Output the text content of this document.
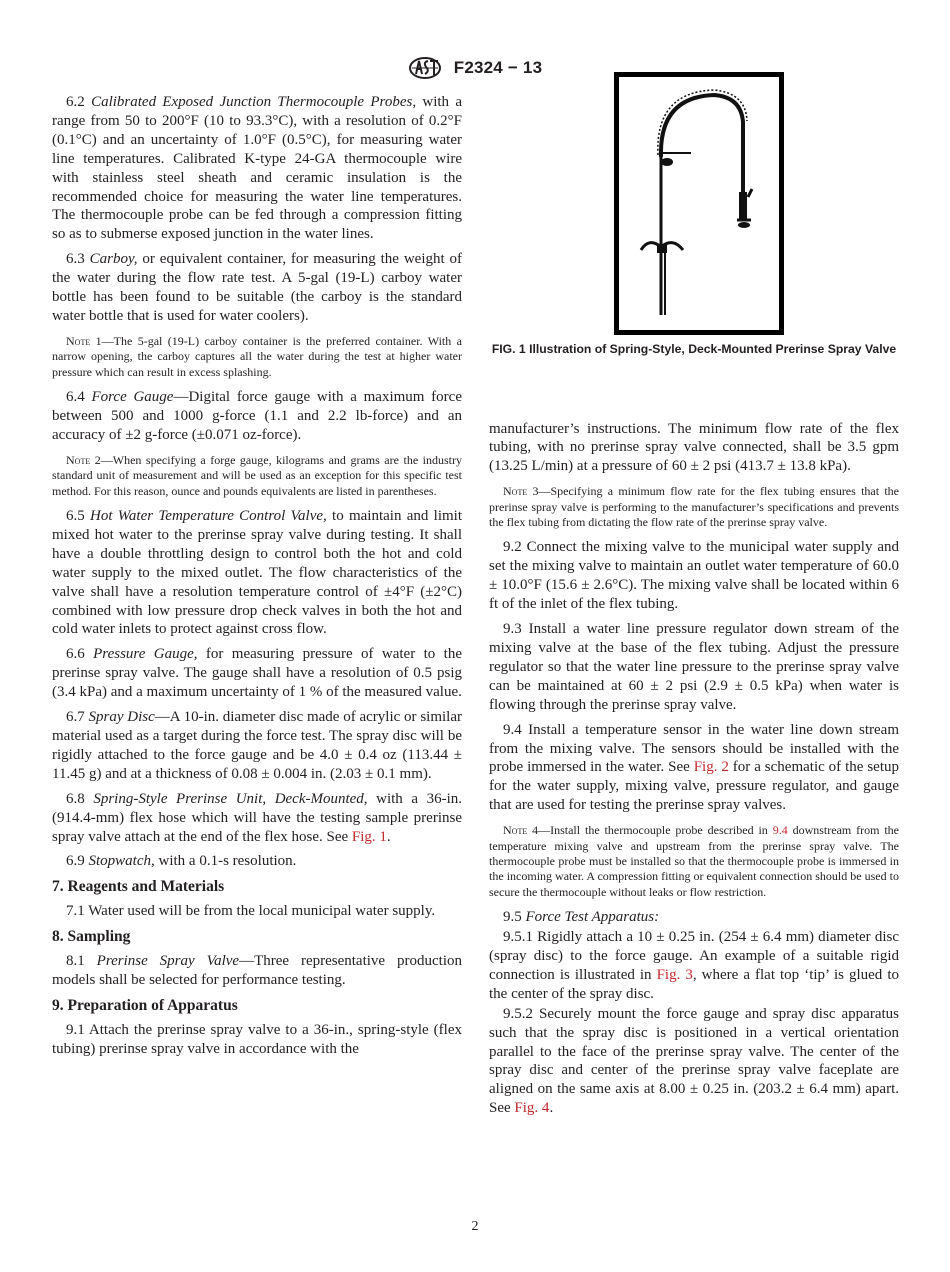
F2324 − 13

6.2 Calibrated Exposed Junction Thermocouple Probes, with a range from 50 to 200°F (10 to 93.3°C), with a resolution of 0.2°F (0.1°C) and an uncertainty of 1.0°F (0.5°C), for measuring water line temperatures. Calibrated K-type 24-GA thermocouple wire with stainless steel sheath and ceramic insulation is the recommended choice for measuring the water line temperatures. The thermocouple probe can be fed through a compression fitting so as to submerse exposed junction in the water lines.

6.3 Carboy, or equivalent container, for measuring the weight of the water during the flow rate test. A 5-gal (19-L) carboy water bottle has been found to be suitable (the carboy is the standard water bottle that is used for water coolers).

Note 1—The 5-gal (19-L) carboy container is the preferred container. With a narrow opening, the carboy captures all the water during the test at higher water pressure which can result in excess splashing.

6.4 Force Gauge—Digital force gauge with a maximum force between 500 and 1000 g-force (1.1 and 2.2 lb-force) and an accuracy of ±2 g-force (±0.071 oz-force).

Note 2—When specifying a forge gauge, kilograms and grams are the industry standard unit of measurement and will be used as an exception for this specific test method. For this reason, ounce and pounds equivalents are listed in parentheses.

6.5 Hot Water Temperature Control Valve, to maintain and limit mixed hot water to the prerinse spray valve during testing. It shall have a double throttling design to control both the hot and cold water supply to the mixed outlet. The flow characteristics of the valve shall have a resolution temperature control of ±4°F (±2°C) combined with low pressure drop check valves in both the hot and cold water inlets to protect against cross flow.

6.6 Pressure Gauge, for measuring pressure of water to the prerinse spray valve. The gauge shall have a resolution of 0.5 psig (3.4 kPa) and a maximum uncertainty of 1 % of the measured value.

6.7 Spray Disc—A 10-in. diameter disc made of acrylic or similar material used as a target during the force test. The spray disc will be rigidly attached to the force gauge and be 4.0 ± 0.4 oz (113.44 ± 11.45 g) and at a thickness of 0.08 ± 0.004 in. (2.03 ± 0.1 mm).

6.8 Spring-Style Prerinse Unit, Deck-Mounted, with a 36-in. (914.4-mm) flex hose which will have the testing sample prerinse spray valve attach at the end of the flex hose. See Fig. 1.

6.9 Stopwatch, with a 0.1-s resolution.

7. Reagents and Materials

7.1 Water used will be from the local municipal water supply.

8. Sampling

8.1 Prerinse Spray Valve—Three representative production models shall be selected for performance testing.

9. Preparation of Apparatus

9.1 Attach the prerinse spray valve to a 36-in., spring-style (flex tubing) prerinse spray valve in accordance with the

FIG. 1 Illustration of Spring-Style, Deck-Mounted Prerinse Spray Valve

manufacturer’s instructions. The minimum flow rate of the flex tubing, with no prerinse spray valve connected, shall be 3.5 gpm (13.25 L/min) at a pressure of 60 ± 2 psi (413.7 ± 13.8 kPa).

Note 3—Specifying a minimum flow rate for the flex tubing ensures that the prerinse spray valve is performing to the manufacturer’s specifications and prevents the flex tubing from dictating the flow rate of the prerinse spray valve.

9.2 Connect the mixing valve to the municipal water supply and set the mixing valve to maintain an outlet water temperature of 60.0 ± 10.0°F (15.6 ± 2.6°C). The mixing valve shall be located within 6 ft of the inlet of the flex tubing.

9.3 Install a water line pressure regulator down stream of the mixing valve at the base of the flex tubing. Adjust the pressure regulator so that the water line pressure to the prerinse spray valve can be maintained at 60 ± 2 psi (2.9 ± 0.5 kPa) when water is flowing through the prerinse spray valve.

9.4 Install a temperature sensor in the water line down stream from the mixing valve. The sensors should be installed with the probe immersed in the water. See Fig. 2 for a schematic of the setup for the water supply, mixing valve, pressure regulator, and gauge that are used for testing the prerinse spray valves.

Note 4—Install the thermocouple probe described in 9.4 downstream from the temperature mixing valve and upstream from the prerinse spray valve. The thermocouple probe must be installed so that the thermocouple probe is immersed in the incoming water. A compression fitting or equivalent connection should be used to secure the thermocouple without leaks or flow restriction.

9.5 Force Test Apparatus:

9.5.1 Rigidly attach a 10 ± 0.25 in. (254 ± 6.4 mm) diameter disc (spray disc) to the force gauge. An example of a suitable rigid connection is illustrated in Fig. 3, where a flat top ‘tip’ is glued to the center of the spray disc.

9.5.2 Securely mount the force gauge and spray disc apparatus such that the spray disc is positioned in a vertical orientation parallel to the face of the prerinse spray valve. The center of the spray disc and center of the prerinse spray valve faceplate are aligned on the same axis at 8.00 ± 0.25 in. (203.2 ± 6.4 mm) apart. See Fig. 4.

2
